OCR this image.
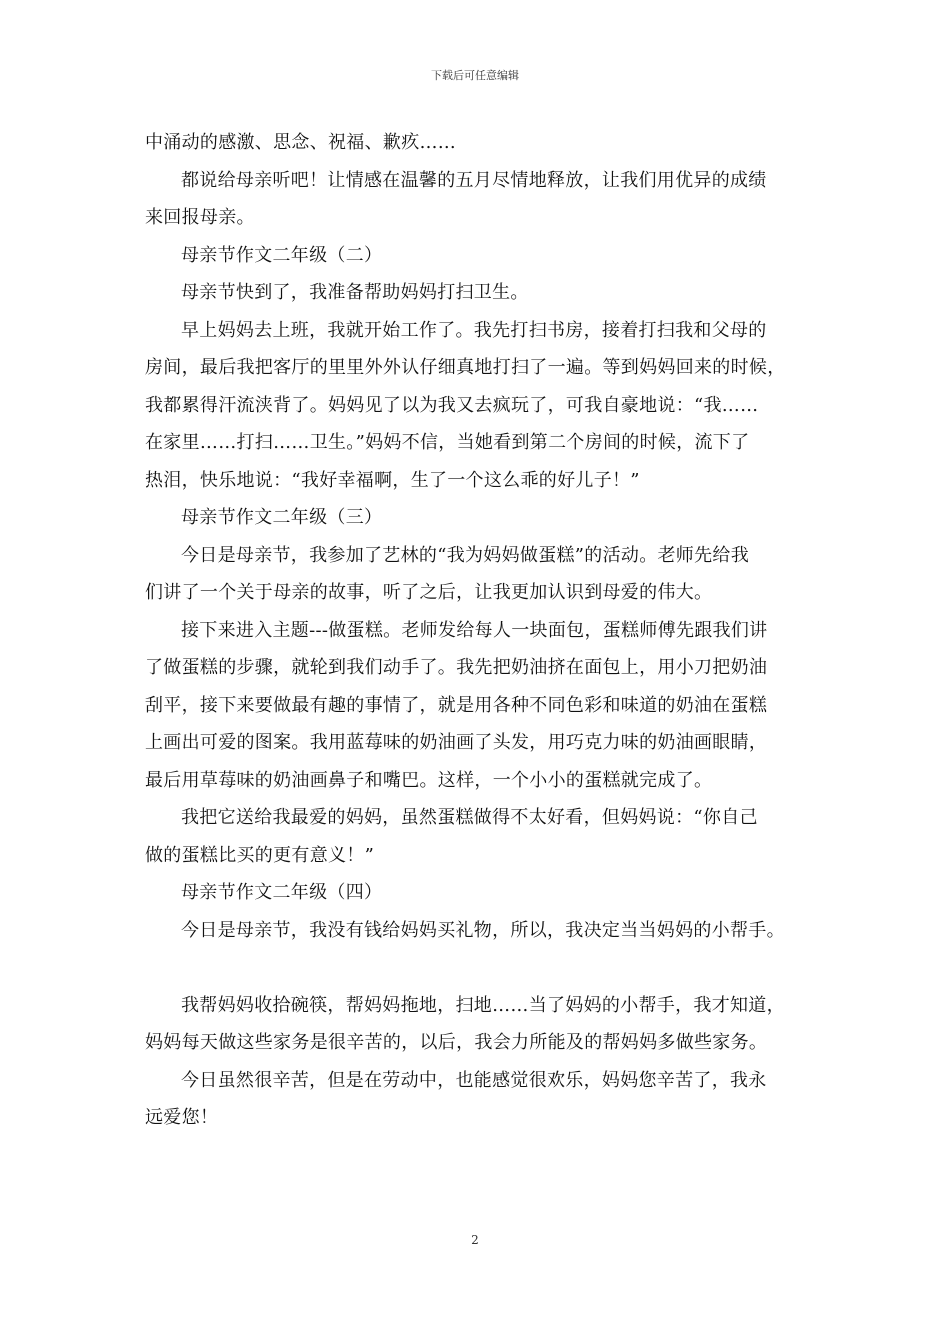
下载后可任意编辑
中涌动的感激、思念、祝福、歉疚……
都说给母亲听吧！让情感在温馨的五月尽情地释放，让我们用优异的成绩
来回报母亲。
母亲节作文二年级（二）
母亲节快到了，我准备帮助妈妈打扫卫生。
早上妈妈去上班，我就开始工作了。我先打扫书房，接着打扫我和父母的
房间，最后我把客厅的里里外外认仔细真地打扫了一遍。等到妈妈回来的时候，
我都累得汗流浃背了。妈妈见了以为我又去疯玩了，可我自豪地说：“我……
在家里……打扫……卫生。”妈妈不信，当她看到第二个房间的时候，流下了
热泪，快乐地说：“我好幸福啊，生了一个这么乖的好儿子！”
母亲节作文二年级（三）
今日是母亲节，我参加了艺林的“我为妈妈做蛋糕”的活动。老师先给我
们讲了一个关于母亲的故事，听了之后，让我更加认识到母爱的伟大。
接下来进入主题---做蛋糕。老师发给每人一块面包，蛋糕师傅先跟我们讲
了做蛋糕的步骤，就轮到我们动手了。我先把奶油挤在面包上，用小刀把奶油
刮平，接下来要做最有趣的事情了，就是用各种不同色彩和味道的奶油在蛋糕
上画出可爱的图案。我用蓝莓味的奶油画了头发，用巧克力味的奶油画眼睛，
最后用草莓味的奶油画鼻子和嘴巴。这样，一个小小的蛋糕就完成了。
我把它送给我最爱的妈妈，虽然蛋糕做得不太好看，但妈妈说：“你自己
做的蛋糕比买的更有意义！”
母亲节作文二年级（四）
今日是母亲节，我没有钱给妈妈买礼物，所以，我决定当当妈妈的小帮手。
我帮妈妈收拾碗筷，帮妈妈拖地，扫地……当了妈妈的小帮手，我才知道，
妈妈每天做这些家务是很辛苦的，以后，我会力所能及的帮妈妈多做些家务。
今日虽然很辛苦，但是在劳动中，也能感觉很欢乐，妈妈您辛苦了，我永
远爱您！
2
